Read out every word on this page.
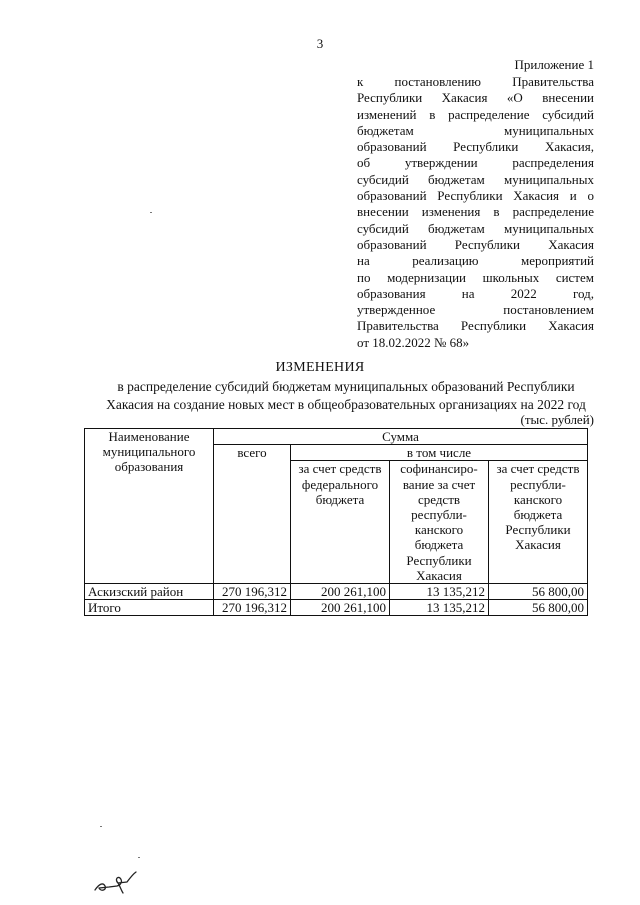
3
Приложение 1
к постановлению Правительства
Республики Хакасия «О внесении
изменений в распределение субсидий
бюджетам муниципальных
образований Республики Хакасия,
об утверждении распределения
субсидий бюджетам муниципальных
образований Республики Хакасия и о
внесении изменения в распределение
субсидий бюджетам муниципальных
образований Республики Хакасия
на реализацию мероприятий
по модернизации школьных систем
образования на 2022 год,
утвержденное постановлением
Правительства Республики Хакасия
от 18.02.2022 № 68»
ИЗМЕНЕНИЯ
в распределение субсидий бюджетам муниципальных образований Республики
Хакасия на создание новых мест в общеобразовательных организациях на 2022 год
(тыс. рублей)
Наименование муниципального образования	Сумма			
	всего	в том числе		
		за счет средств федерального бюджета	софинансиро-вание за счет средств республи-канского бюджета Республики Хакасия	за счет средств республи-канского бюджета Республики Хакасия
Аскизский район	270 196,312	200 261,100	13 135,212	56 800,00
Итого	270 196,312	200 261,100	13 135,212	56 800,00
